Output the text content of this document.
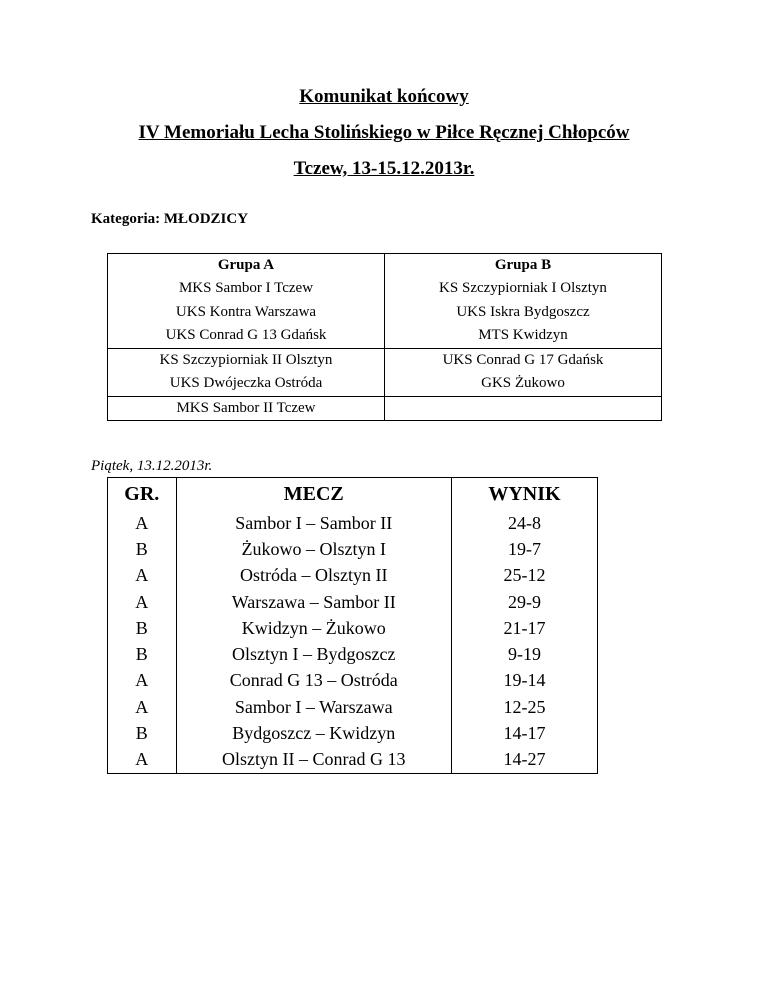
Komunikat końcowy
IV Memoriału Lecha Stolińskiego w Piłce Ręcznej Chłopców
Tczew, 13-15.12.2013r.
Kategoria: MŁODZICY
Grupa A	Grupa B
MKS Sambor I Tczew	KS Szczypiorniak I Olsztyn
UKS Kontra Warszawa	UKS Iskra Bydgoszcz
UKS Conrad G 13 Gdańsk	MTS Kwidzyn
KS Szczypiorniak II Olsztyn	UKS Conrad G 17 Gdańsk
UKS Dwójeczka Ostróda	GKS Żukowo
MKS Sambor II Tczew	
Piątek, 13.12.2013r.
GR.	MECZ	WYNIK
A	Sambor I – Sambor II	24-8
B	Żukowo – Olsztyn I	19-7
A	Ostróda – Olsztyn II	25-12
A	Warszawa – Sambor II	29-9
B	Kwidzyn – Żukowo	21-17
B	Olsztyn I – Bydgoszcz	9-19
A	Conrad G 13 – Ostróda	19-14
A	Sambor I – Warszawa	12-25
B	Bydgoszcz – Kwidzyn	14-17
A	Olsztyn II – Conrad G 13	14-27
